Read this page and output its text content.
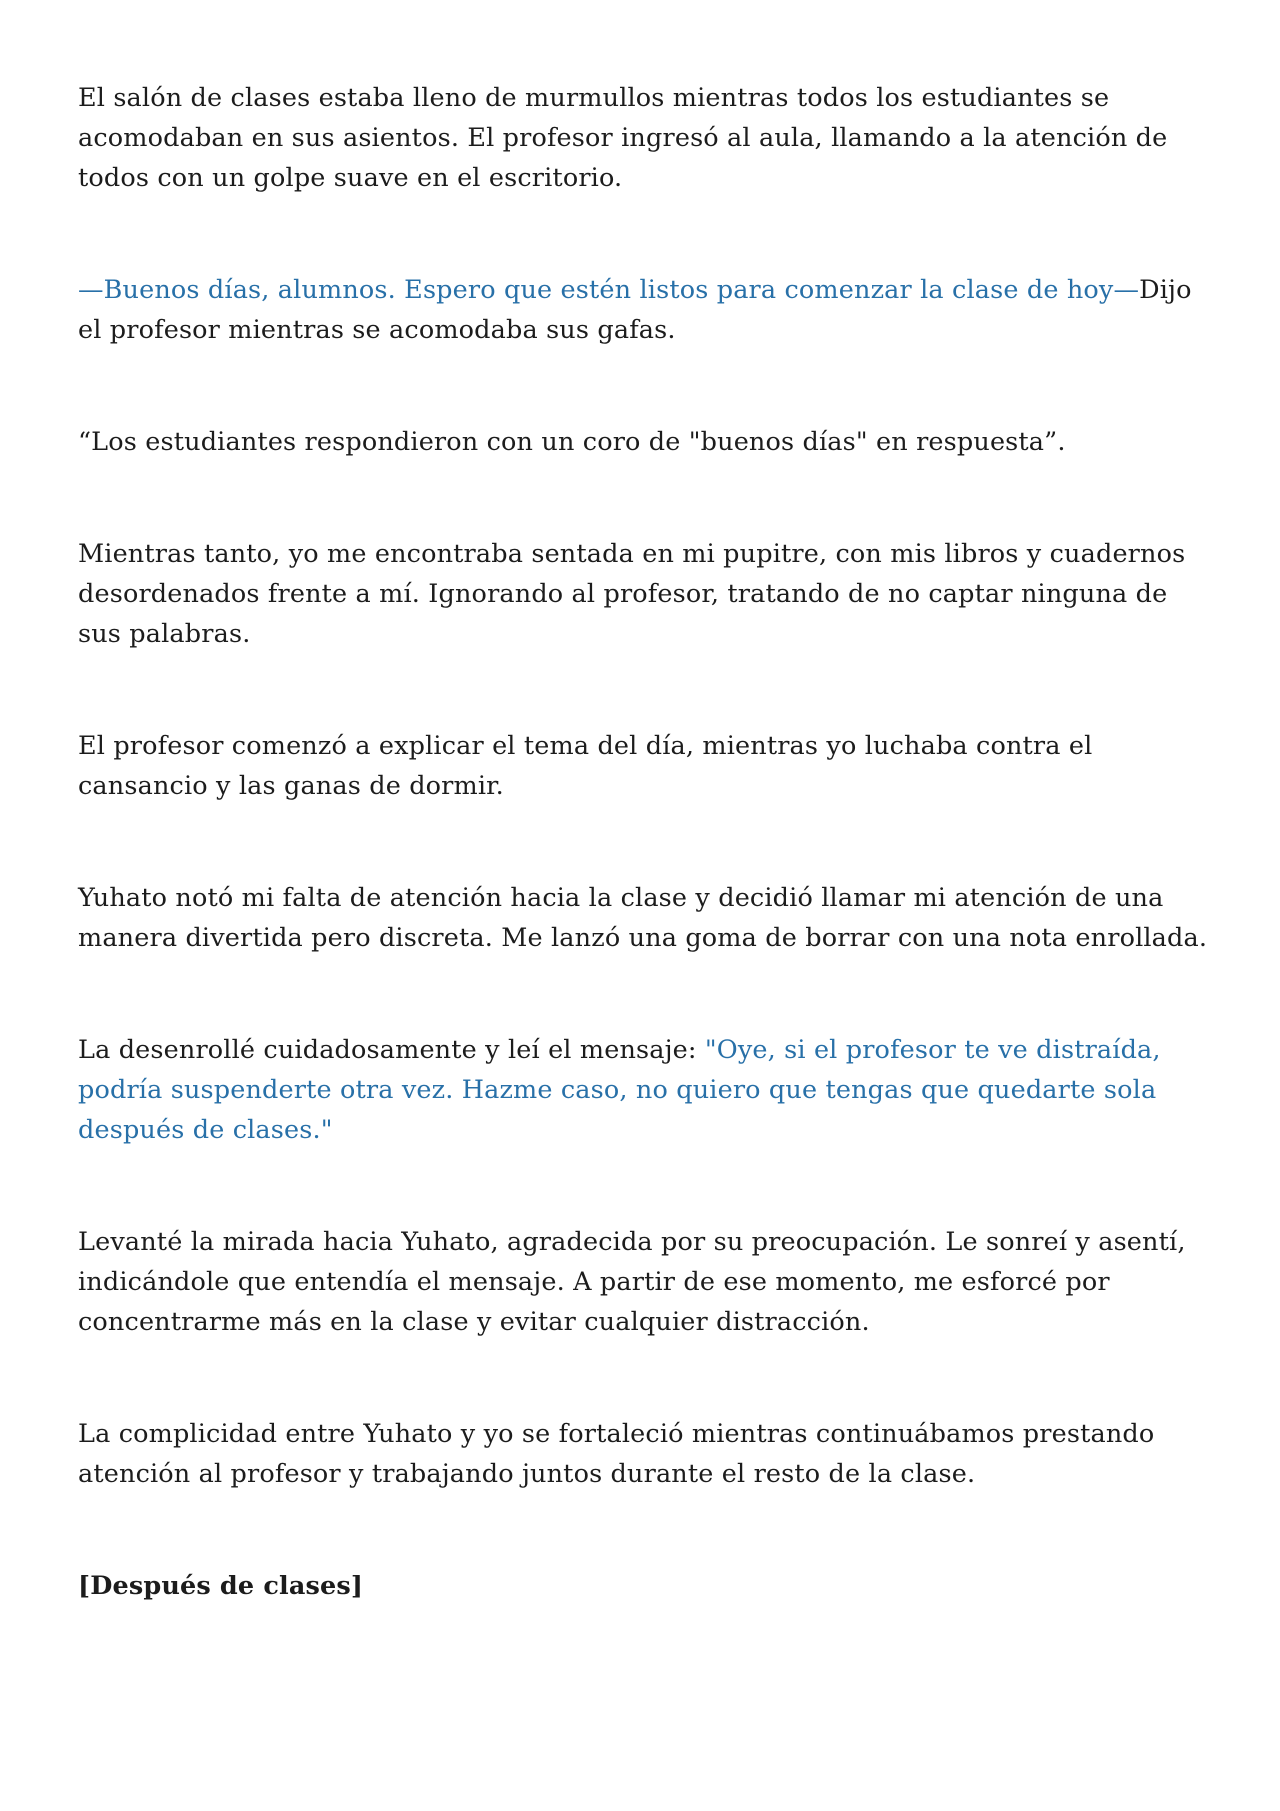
El salón de clases estaba lleno de murmullos mientras todos los estudiantes se acomodaban en sus asientos. El profesor ingresó al aula, llamando a la atención de todos con un golpe suave en el escritorio.

—Buenos días, alumnos. Espero que estén listos para comenzar la clase de hoy—Dijo el profesor mientras se acomodaba sus gafas.

“Los estudiantes respondieron con un coro de "buenos días" en respuesta”.

Mientras tanto, yo me encontraba sentada en mi pupitre, con mis libros y cuadernos desordenados frente a mí. Ignorando al profesor, tratando de no captar ninguna de sus palabras.

El profesor comenzó a explicar el tema del día, mientras yo luchaba contra el cansancio y las ganas de dormir.

Yuhato notó mi falta de atención hacia la clase y decidió llamar mi atención de una manera divertida pero discreta. Me lanzó una goma de borrar con una nota enrollada.

La desenrollé cuidadosamente y leí el mensaje: "Oye, si el profesor te ve distraída, podría suspenderte otra vez. Hazme caso, no quiero que tengas que quedarte sola después de clases."

Levanté la mirada hacia Yuhato, agradecida por su preocupación. Le sonreí y asentí, indicándole que entendía el mensaje. A partir de ese momento, me esforcé por concentrarme más en la clase y evitar cualquier distracción.

La complicidad entre Yuhato y yo se fortaleció mientras continuábamos prestando atención al profesor y trabajando juntos durante el resto de la clase.

[Después de clases]
